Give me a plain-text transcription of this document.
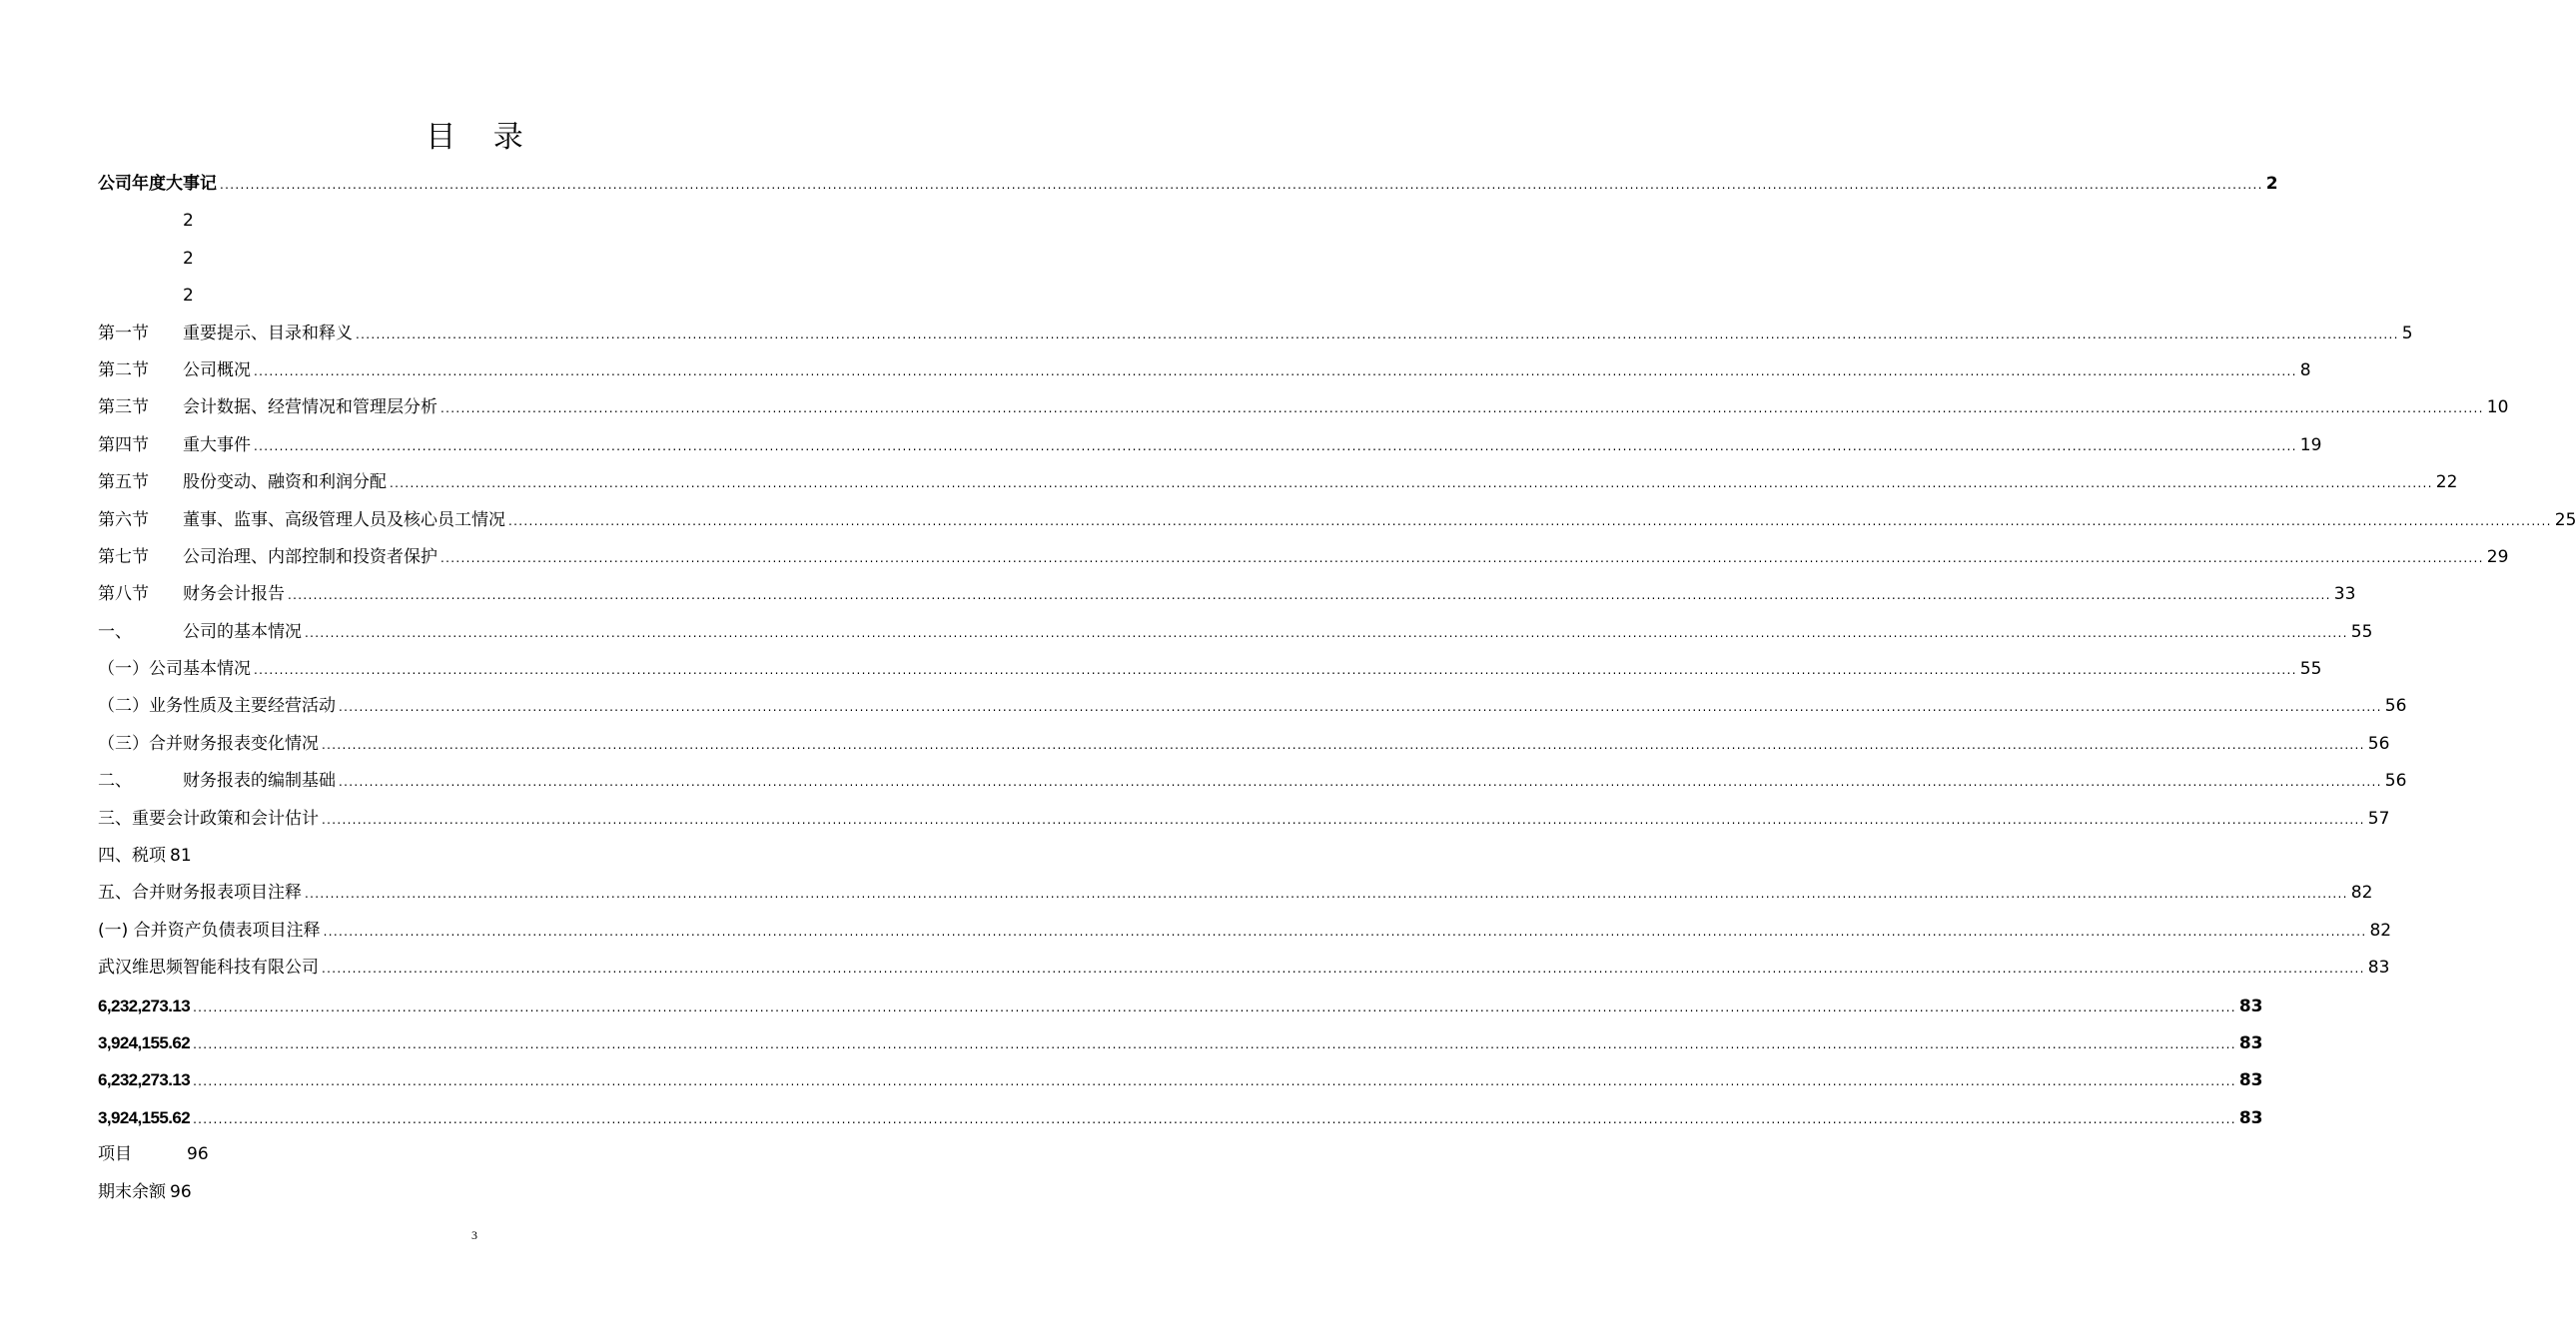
目 录
公司年度大事记 ................................................................................................................................................................................................................................................................................................................................................................................................................ 2
2
2
2
第一节	重要提示、目录和释义 ................................................................................................................................................................................................................................................................................................................................................................................................................ 5
第二节	公司概况 ................................................................................................................................................................................................................................................................................................................................................................................................................ 8
第三节	会计数据、经营情况和管理层分析 ................................................................................................................................................................................................................................................................................................................................................................................................................ 10
第四节	重大事件 ................................................................................................................................................................................................................................................................................................................................................................................................................ 19
第五节	股份变动、融资和利润分配 ................................................................................................................................................................................................................................................................................................................................................................................................................ 22
第六节	董事、监事、高级管理人员及核心员工情况 ................................................................................................................................................................................................................................................................................................................................................................................................................ 25
第七节	公司治理、内部控制和投资者保护 ................................................................................................................................................................................................................................................................................................................................................................................................................ 29
第八节	财务会计报告 ................................................................................................................................................................................................................................................................................................................................................................................................................ 33
一、	公司的基本情况 ................................................................................................................................................................................................................................................................................................................................................................................................................ 55
（一）公司基本情况 ................................................................................................................................................................................................................................................................................................................................................................................................................ 55
（二）业务性质及主要经营活动 ................................................................................................................................................................................................................................................................................................................................................................................................................ 56
（三）合并财务报表变化情况 ................................................................................................................................................................................................................................................................................................................................................................................................................ 56
二、	财务报表的编制基础 ................................................................................................................................................................................................................................................................................................................................................................................................................ 56
三、重要会计政策和会计估计 ................................................................................................................................................................................................................................................................................................................................................................................................................ 57
四、税项 81
五、合并财务报表项目注释 ................................................................................................................................................................................................................................................................................................................................................................................................................ 82
(一) 合并资产负债表项目注释 ................................................................................................................................................................................................................................................................................................................................................................................................................ 82
武汉维思频智能科技有限公司 ................................................................................................................................................................................................................................................................................................................................................................................................................ 83
6,232,273.13 ................................................................................................................................................................................................................................................................................................................................................................................................................ 83
3,924,155.62 ................................................................................................................................................................................................................................................................................................................................................................................................................ 83
6,232,273.13 ................................................................................................................................................................................................................................................................................................................................................................................................................ 83
3,924,155.62 ................................................................................................................................................................................................................................................................................................................................................................................................................ 83
项目	96
期末余额 96
3
